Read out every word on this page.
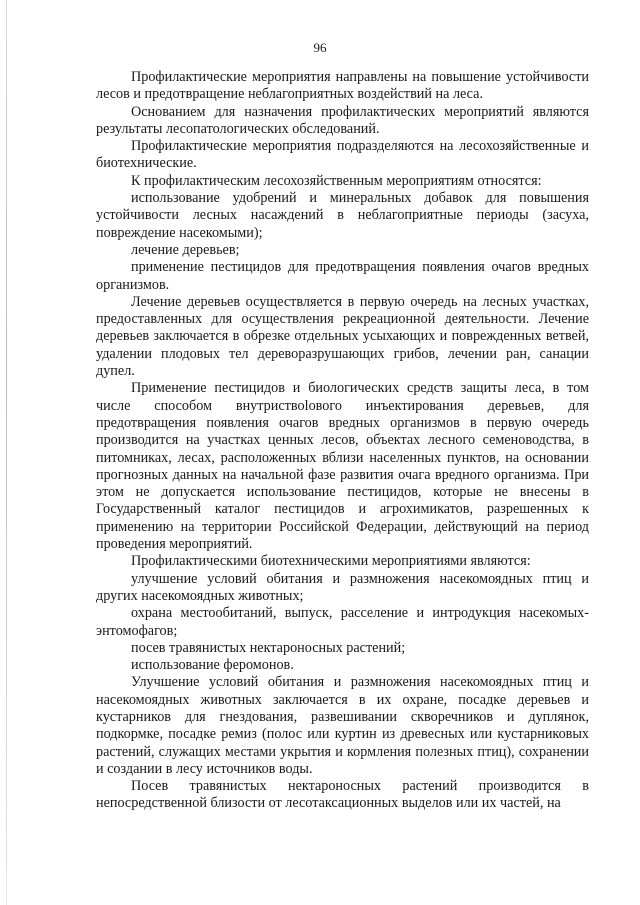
96

Профилактические мероприятия направлены на повышение устойчивости лесов и предотвращение неблагоприятных воздействий на леса.

Основанием для назначения профилактических мероприятий являются результаты лесопатологических обследований.

Профилактические мероприятия подразделяются на лесохозяйственные и биотехнические.

К профилактическим лесохозяйственным мероприятиям относятся:

использование удобрений и минеральных добавок для повышения устойчивости лесных насаждений в неблагоприятные периоды (засуха, повреждение насекомыми);

лечение деревьев;

применение пестицидов для предотвращения появления очагов вредных организмов.

Лечение деревьев осуществляется в первую очередь на лесных участках, предоставленных для осуществления рекреационной деятельности. Лечение деревьев заключается в обрезке отдельных усыхающих и поврежденных ветвей, удалении плодовых тел дереворазрушающих грибов, лечении ран, санации дупел.

Применение пестицидов и биологических средств защиты леса, в том числе способом внутриствolового инъектирования деревьев, для предотвращения появления очагов вредных организмов в первую очередь производится на участках ценных лесов, объектах лесного семеноводства, в питомниках, лесах, расположенных вблизи населенных пунктов, на основании прогнозных данных на начальной фазе развития очага вредного организма. При этом не допускается использование пестицидов, которые не внесены в Государственный каталог пестицидов и агрохимикатов, разрешенных к применению на территории Российской Федерации, действующий на период проведения мероприятий.

Профилактическими биотехническими мероприятиями являются:

улучшение условий обитания и размножения насекомоядных птиц и других насекомоядных животных;

охрана местообитаний, выпуск, расселение и интродукция насекомых-энтомофагов;

посев травянистых нектароносных растений;

использование феромонов.

Улучшение условий обитания и размножения насекомоядных птиц и насекомоядных животных заключается в их охране, посадке деревьев и кустарников для гнездования, развешивании скворечников и дуплянок, подкормке, посадке ремиз (полос или куртин из древесных или кустарниковых растений, служащих местами укрытия и кормления полезных птиц), сохранении и создании в лесу источников воды.

Посев травянистых нектароносных растений производится в непосредственной близости от лесотаксационных выделов или их частей, на
